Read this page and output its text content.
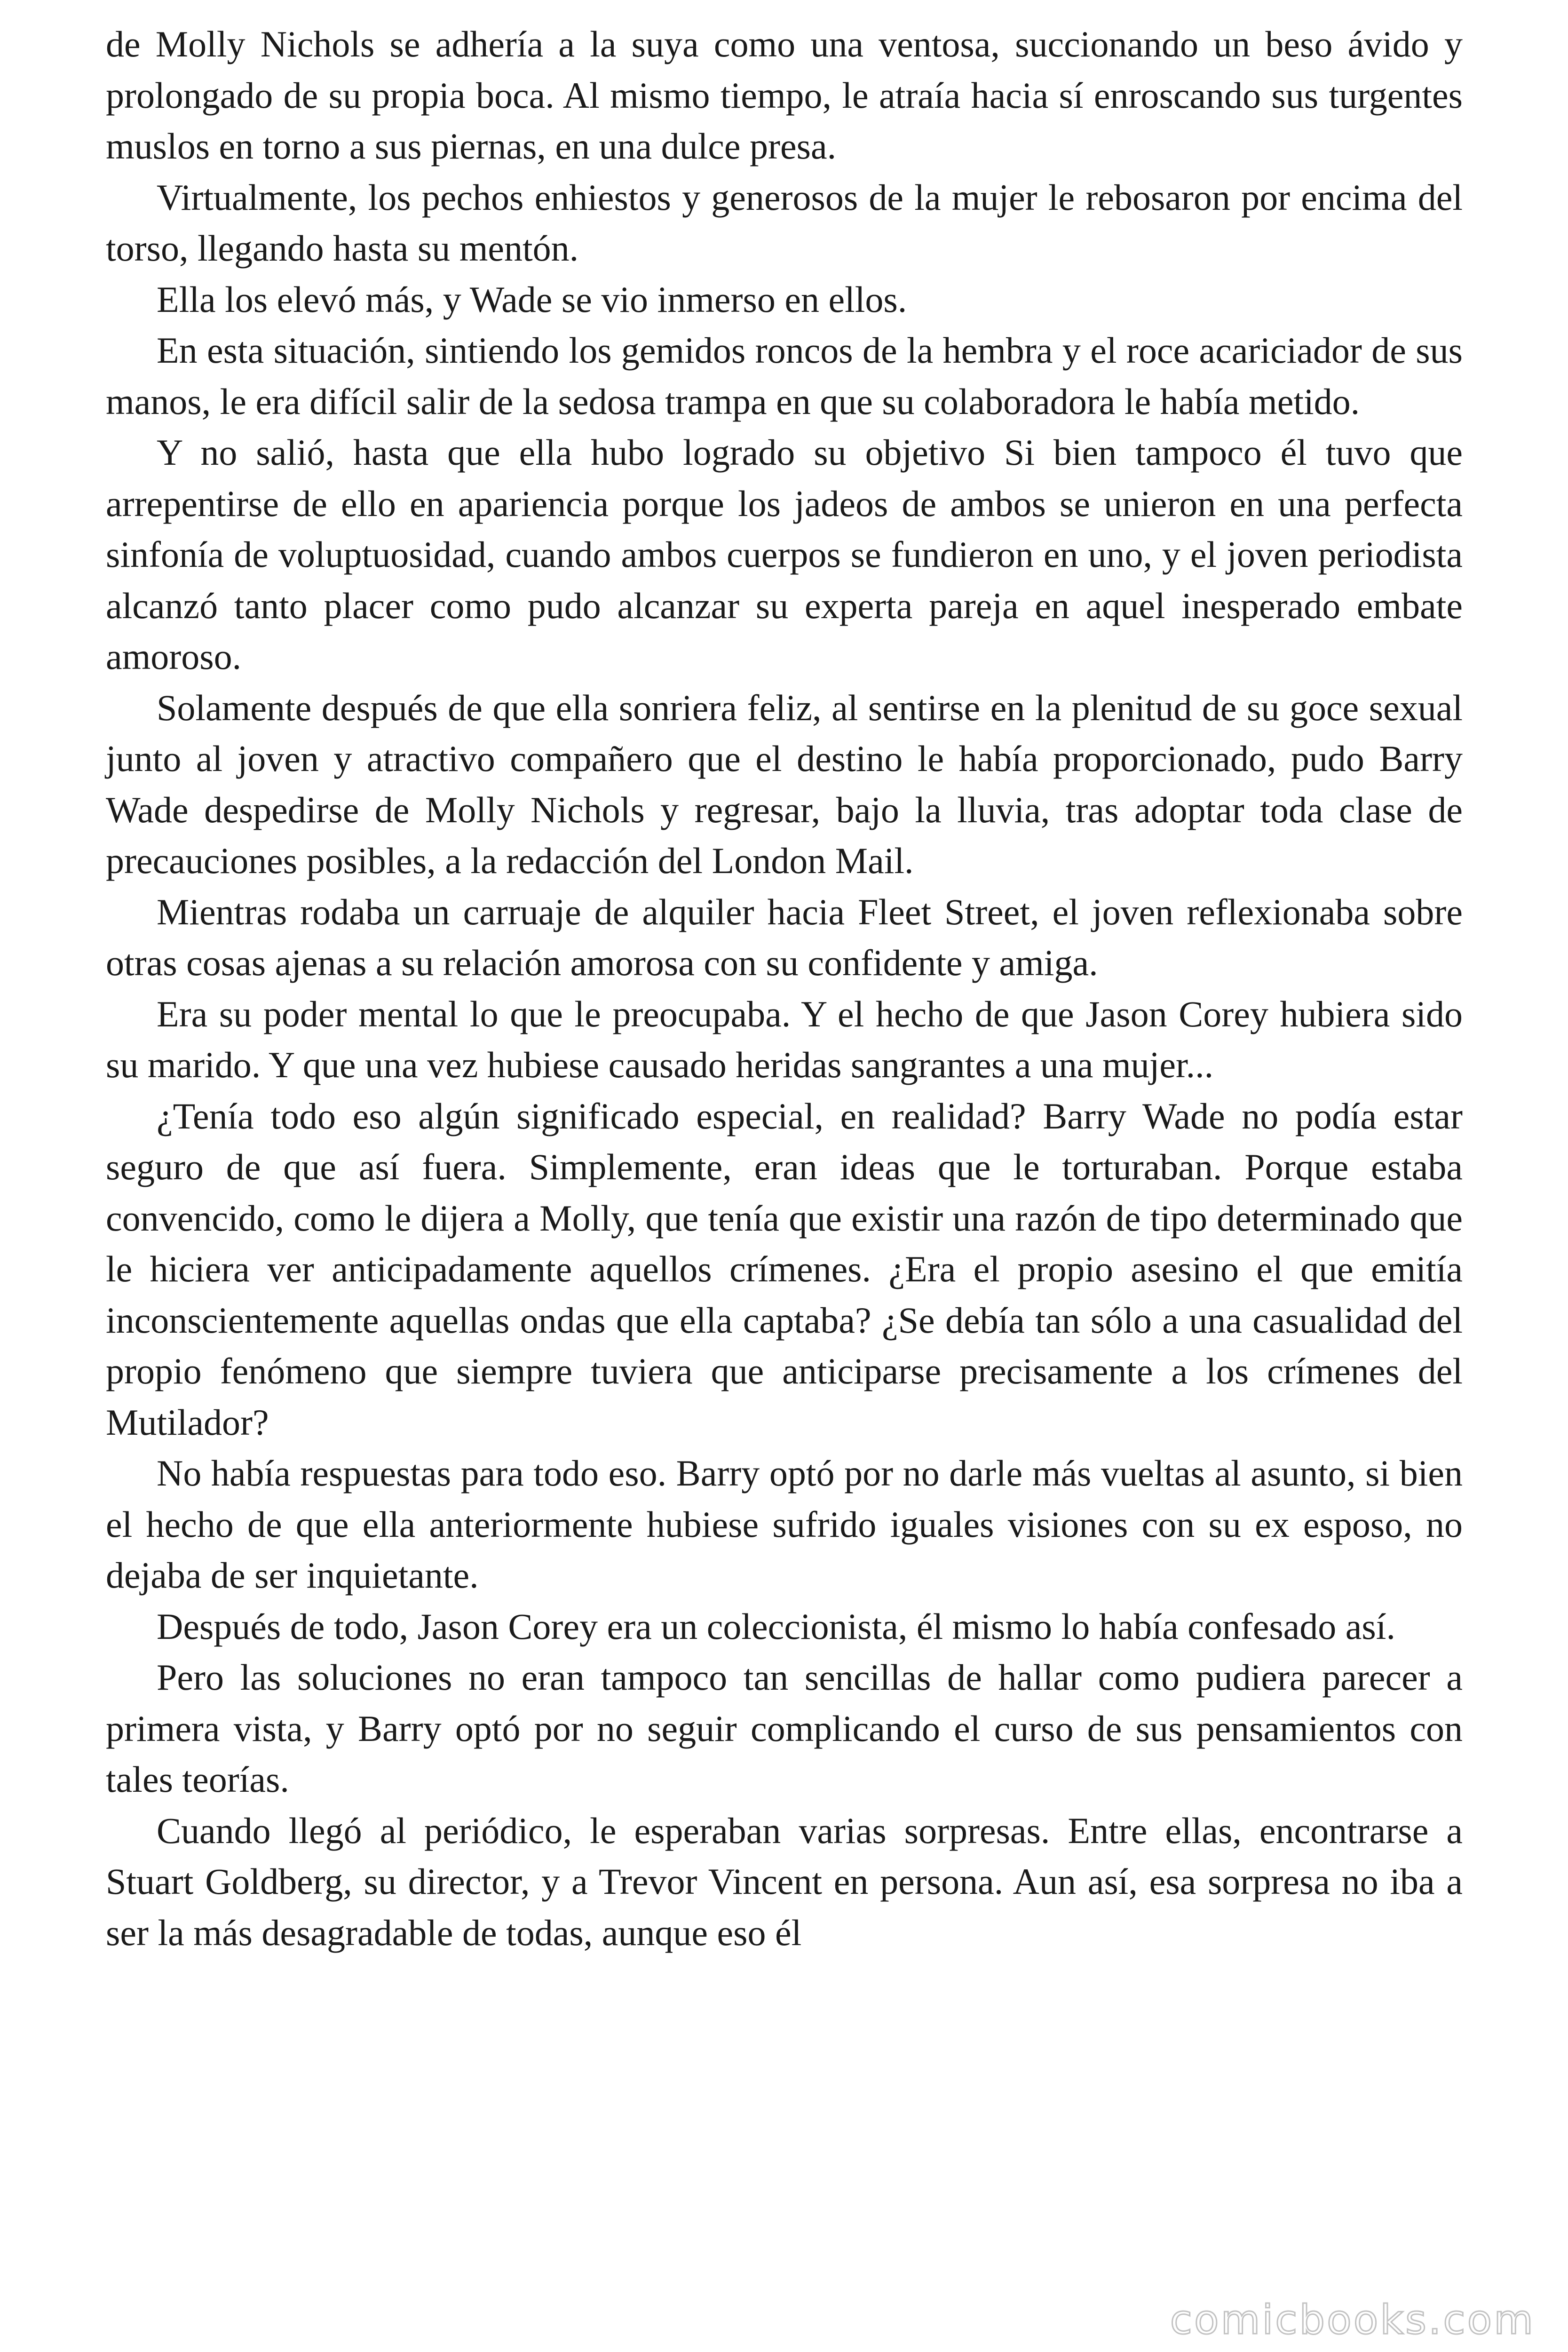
de Molly Nichols se adhería a la suya como una ventosa, succionando un beso ávido y prolongado de su propia boca. Al mismo tiempo, le atraía hacia sí enroscando sus turgentes muslos en torno a sus piernas, en una dulce presa.

Virtualmente, los pechos enhiestos y generosos de la mujer le rebosaron por encima del torso, llegando hasta su mentón.

Ella los elevó más, y Wade se vio inmerso en ellos.

En esta situación, sintiendo los gemidos roncos de la hembra y el roce acariciador de sus manos, le era difícil salir de la sedosa trampa en que su colaboradora le había metido.

Y no salió, hasta que ella hubo logrado su objetivo Si bien tampoco él tuvo que arrepentirse de ello en apariencia porque los jadeos de ambos se unieron en una perfecta sinfonía de voluptuosidad, cuando ambos cuerpos se fundieron en uno, y el joven periodista alcanzó tanto placer como pudo alcanzar su experta pareja en aquel inesperado embate amoroso.

Solamente después de que ella sonriera feliz, al sentirse en la plenitud de su goce sexual junto al joven y atractivo compañero que el destino le había proporcionado, pudo Barry Wade despedirse de Molly Nichols y regresar, bajo la lluvia, tras adoptar toda clase de precauciones posibles, a la redacción del London Mail.

Mientras rodaba un carruaje de alquiler hacia Fleet Street, el joven reflexionaba sobre otras cosas ajenas a su relación amorosa con su confidente y amiga.

Era su poder mental lo que le preocupaba. Y el hecho de que Jason Corey hubiera sido su marido. Y que una vez hubiese causado heridas sangrantes a una mujer...

¿Tenía todo eso algún significado especial, en realidad? Barry Wade no podía estar seguro de que así fuera. Simplemente, eran ideas que le torturaban. Porque estaba convencido, como le dijera a Molly, que tenía que existir una razón de tipo determinado que le hiciera ver anticipadamente aquellos crímenes. ¿Era el propio asesino el que emitía inconscientemente aquellas ondas que ella captaba? ¿Se debía tan sólo a una casualidad del propio fenómeno que siempre tuviera que anticiparse precisamente a los crímenes del Mutilador?

No había respuestas para todo eso. Barry optó por no darle más vueltas al asunto, si bien el hecho de que ella anteriormente hubiese sufrido iguales visiones con su ex esposo, no dejaba de ser inquietante.

Después de todo, Jason Corey era un coleccionista, él mismo lo había confesado así.

Pero las soluciones no eran tampoco tan sencillas de hallar como pudiera parecer a primera vista, y Barry optó por no seguir complicando el curso de sus pensamientos con tales teorías.

Cuando llegó al periódico, le esperaban varias sorpresas. Entre ellas, encontrarse a Stuart Goldberg, su director, y a Trevor Vincent en persona. Aun así, esa sorpresa no iba a ser la más desagradable de todas, aunque eso él

comicbooks.com
